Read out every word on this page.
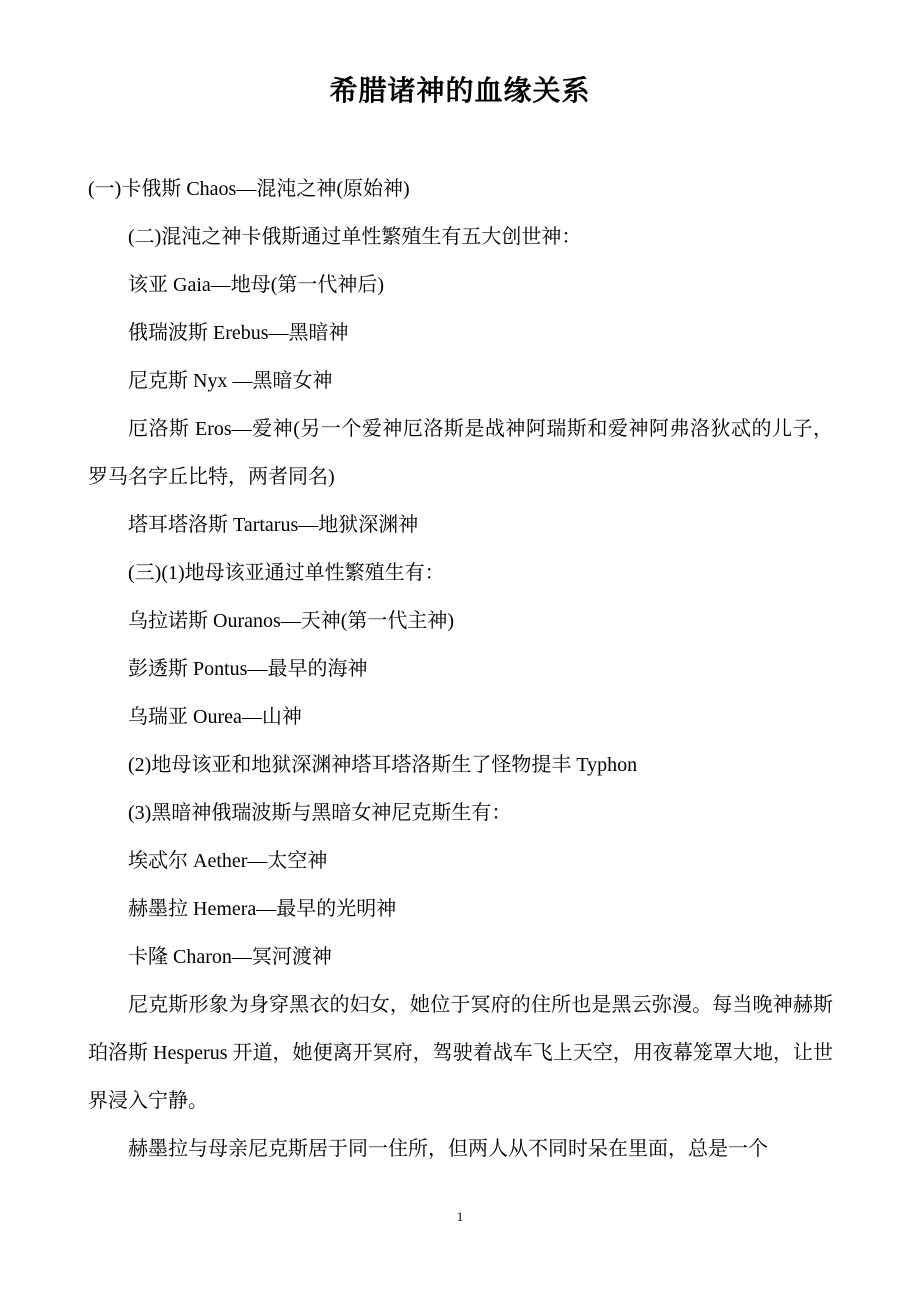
希腊诸神的血缘关系

(一)卡俄斯 Chaos—混沌之神(原始神)

(二)混沌之神卡俄斯通过单性繁殖生有五大创世神：

该亚 Gaia—地母(第一代神后)

俄瑞波斯 Erebus—黑暗神

尼克斯 Nyx —黑暗女神

厄洛斯 Eros—爱神(另一个爱神厄洛斯是战神阿瑞斯和爱神阿弗洛狄忒的儿子，罗马名字丘比特，两者同名)

塔耳塔洛斯 Tartarus—地狱深渊神

(三)(1)地母该亚通过单性繁殖生有：

乌拉诺斯 Ouranos—天神(第一代主神)

彭透斯 Pontus—最早的海神

乌瑞亚 Ourea—山神

(2)地母该亚和地狱深渊神塔耳塔洛斯生了怪物提丰 Typhon

(3)黑暗神俄瑞波斯与黑暗女神尼克斯生有：

埃忒尔 Aether—太空神

赫墨拉 Hemera—最早的光明神

卡隆 Charon—冥河渡神

尼克斯形象为身穿黑衣的妇女，她位于冥府的住所也是黑云弥漫。每当晚神赫斯珀洛斯 Hesperus 开道，她便离开冥府，驾驶着战车飞上天空，用夜幕笼罩大地，让世界浸入宁静。

赫墨拉与母亲尼克斯居于同一住所，但两人从不同时呆在里面，总是一个

1
